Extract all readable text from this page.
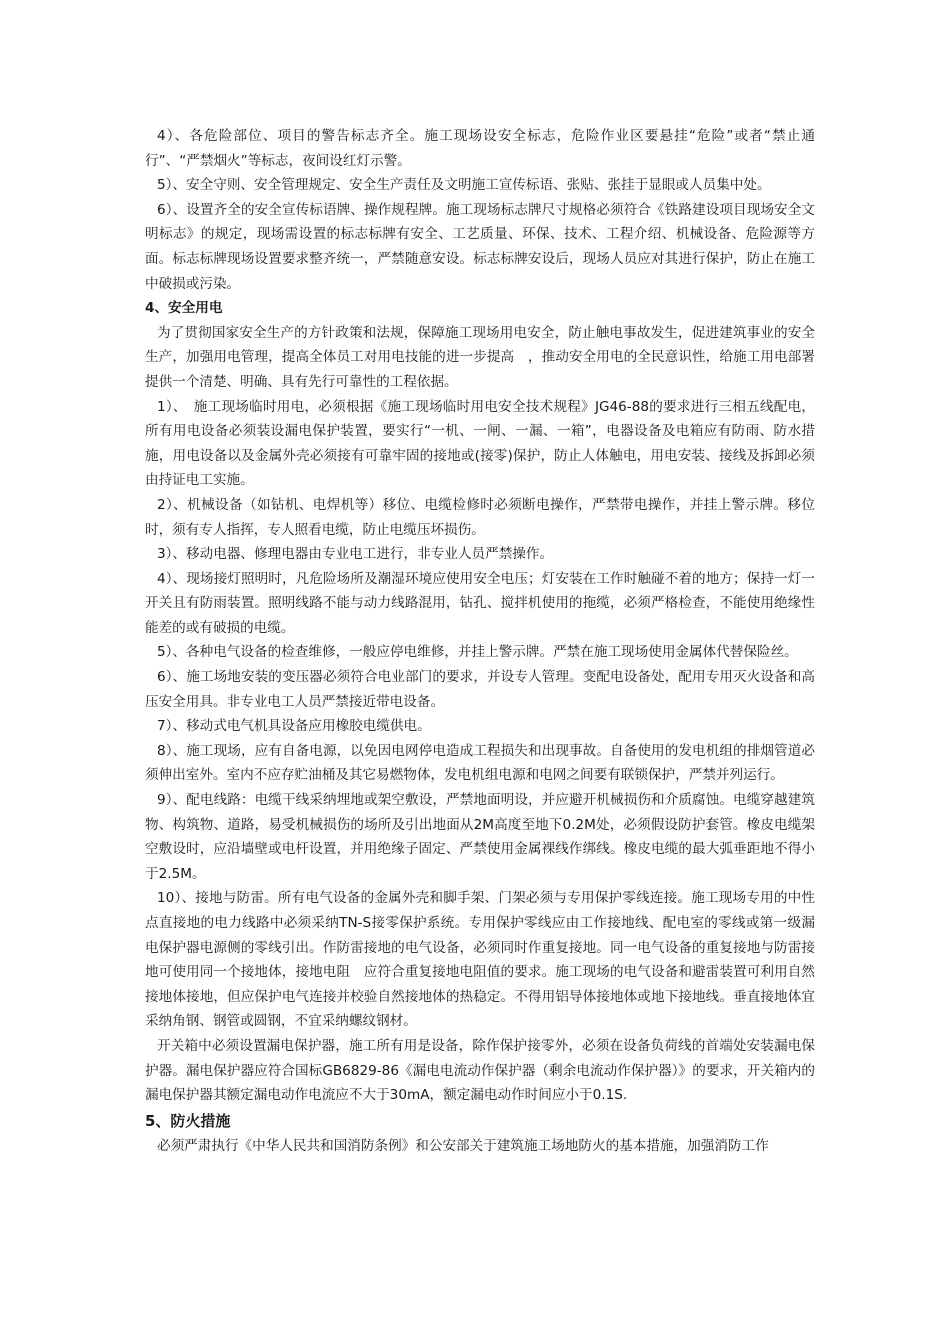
4）、各危险部位、项目的警告标志齐全。施工现场设安全标志，危险作业区要悬挂“危险”或者“禁止通行”、“严禁烟火”等标志，夜间设红灯示警。

5）、安全守则、安全管理规定、安全生产责任及文明施工宣传标语、张贴、张挂于显眼或人员集中处。

6）、设置齐全的安全宣传标语牌、操作规程牌。施工现场标志牌尺寸规格必须符合《铁路建设项目现场安全文明标志》的规定，现场需设置的标志标牌有安全、工艺质量、环保、技术、工程介绍、机械设备、危险源等方面。标志标牌现场设置要求整齐统一，严禁随意安设。标志标牌安设后，现场人员应对其进行保护，防止在施工中破损或污染。

4、安全用电

为了贯彻国家安全生产的方针政策和法规，保障施工现场用电安全，防止触电事故发生，促进建筑事业的安全生产，加强用电管理，提高全体员工对用电技能的进一步提高　，推动安全用电的全民意识性，给施工用电部署提供一个清楚、明确、具有先行可靠性的工程依据。

1）、　施工现场临时用电，必须根据《施工现场临时用电安全技术规程》JG46-88的要求进行三相五线配电，所有用电设备必须装设漏电保护装置，要实行“一机、一闸、一漏、一箱”，电器设备及电箱应有防雨、防水措施，用电设备以及金属外壳必须接有可靠牢固的接地或(接零)保护，防止人体触电，用电安装、接线及拆卸必须由持证电工实施。

2）、机械设备（如钻机、电焊机等）移位、电缆检修时必须断电操作，严禁带电操作，并挂上警示牌。移位时，须有专人指挥，专人照看电缆，防止电缆压坏损伤。

3）、移动电器、修理电器由专业电工进行，非专业人员严禁操作。

4）、现场接灯照明时，凡危险场所及潮湿环境应使用安全电压；灯安装在工作时触碰不着的地方；保持一灯一开关且有防雨装置。照明线路不能与动力线路混用，钻孔、搅拌机使用的拖缆，必须严格检查，不能使用绝缘性能差的或有破损的电缆。

5）、各种电气设备的检查维修，一般应停电维修，并挂上警示牌。严禁在施工现场使用金属体代替保险丝。

6）、施工场地安装的变压器必须符合电业部门的要求，并设专人管理。变配电设备处，配用专用灭火设备和高压安全用具。非专业电工人员严禁接近带电设备。

7）、移动式电气机具设备应用橡胶电缆供电。

8）、施工现场，应有自备电源，以免因电网停电造成工程损失和出现事故。自备使用的发电机组的排烟管道必须伸出室外。室内不应存贮油桶及其它易燃物体，发电机组电源和电网之间要有联锁保护，严禁并列运行。

9）、配电线路：电缆干线采纳埋地或架空敷设，严禁地面明设，并应避开机械损伤和介质腐蚀。电缆穿越建筑物、构筑物、道路，易受机械损伤的场所及引出地面从2M高度至地下0.2M处，必须假设防护套管。橡皮电缆架空敷设时，应沿墙壁或电杆设置，并用绝缘子固定、严禁使用金属裸线作绑线。橡皮电缆的最大弧垂距地不得小于2.5M。

10）、接地与防雷。所有电气设备的金属外壳和脚手架、门架必须与专用保护零线连接。施工现场专用的中性点直接地的电力线路中必须采纳TN-S接零保护系统。专用保护零线应由工作接地线、配电室的零线或第一级漏电保护器电源侧的零线引出。作防雷接地的电气设备，必须同时作重复接地。同一电气设备的重复接地与防雷接地可使用同一个接地体，接地电阻　应符合重复接地电阻值的要求。施工现场的电气设备和避雷装置可利用自然接地体接地，但应保护电气连接并校验自然接地体的热稳定。不得用铝导体接地体或地下接地线。垂直接地体宜采纳角钢、钢管或圆钢，不宜采纳螺纹钢材。

开关箱中必须设置漏电保护器，施工所有用是设备，除作保护接零外，必须在设备负荷线的首端处安装漏电保护器。漏电保护器应符合国标GB6829-86《漏电电流动作保护器（剩余电流动作保护器）》的要求，开关箱内的漏电保护器其额定漏电动作电流应不大于30mA，额定漏电动作时间应小于0.1S.

5、防火措施

必须严肃执行《中华人民共和国消防条例》和公安部关于建筑施工场地防火的基本措施，加强消防工作
